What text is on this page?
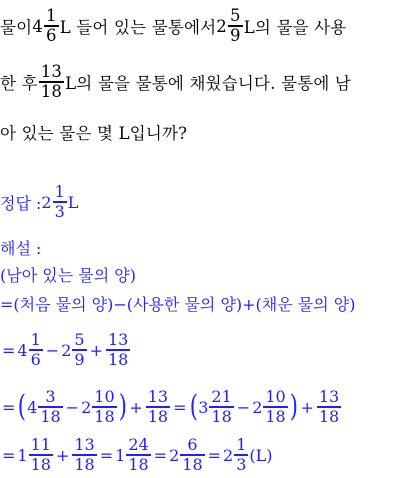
물이 $4 \frac{1}{6}$ L 들어 있는 물통에서 $2 \frac{5}{9}$ L의 물을 사용
한 후 $\frac{13}{18}$ L의 물을 물통에 채웠습니다. 물통에 남
아 있는 물은 몇 L입니까?
정답 : $2 \frac{1}{3}$ L
해설 :
(남아 있는 물의 양)
=(처음 물의 양)−(사용한 물의 양)+(채운 물의 양)
= $4 \frac{1}{6} - 2 \frac{5}{9} + \frac{13}{18}$
= ( $4 \frac{3}{18} - 2 \frac{10}{18}$ ) + $\frac{13}{18}$ = ( $3 \frac{21}{18} - 2 \frac{10}{18}$ ) + $\frac{13}{18}$
= $1 \frac{11}{18} + \frac{13}{18} = 1 \frac{24}{18} = 2 \frac{6}{18} = 2 \frac{1}{3} (L)$
